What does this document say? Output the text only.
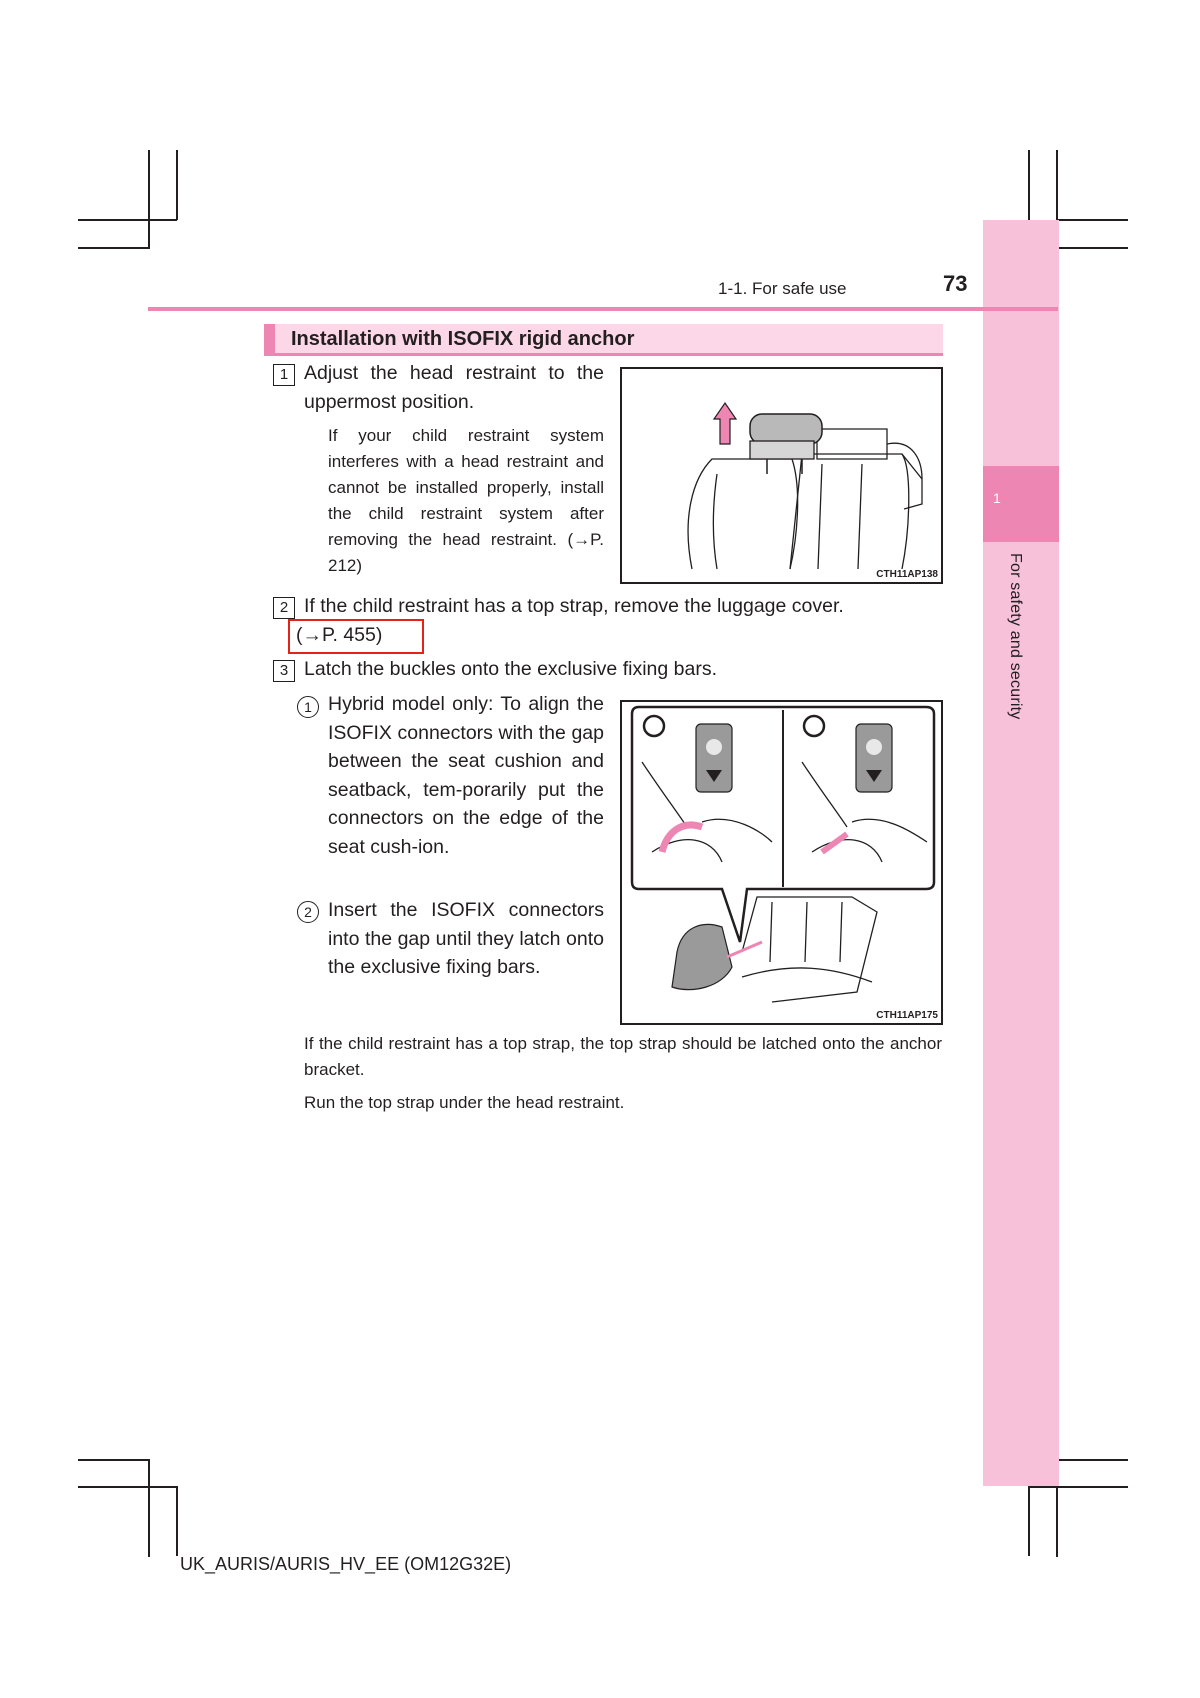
1
For safety and security
1-1. For safe use	73
Installation with ISOFIX rigid anchor
1 Adjust the head restraint to the uppermost position.
If your child restraint system interferes with a head restraint and cannot be installed properly, install the child restraint system after removing the head restraint. (→P. 212)	CTH11AP138
2 If the child restraint has a top strap, remove the luggage cover.
(→P. 455)
3 Latch the buckles onto the exclusive fixing bars.
1 Hybrid model only: To align the ISOFIX connectors with the gap between the seat cushion and seatback, tem-porarily put the connectors on the edge of the seat cush-ion.
2 Insert the ISOFIX connectors into the gap until they latch onto the exclusive fixing bars.
CTH11AP175
If the child restraint has a top strap, the top strap should be latched onto the anchor bracket.
Run the top strap under the head restraint.
UK_AURIS/AURIS_HV_EE (OM12G32E)
